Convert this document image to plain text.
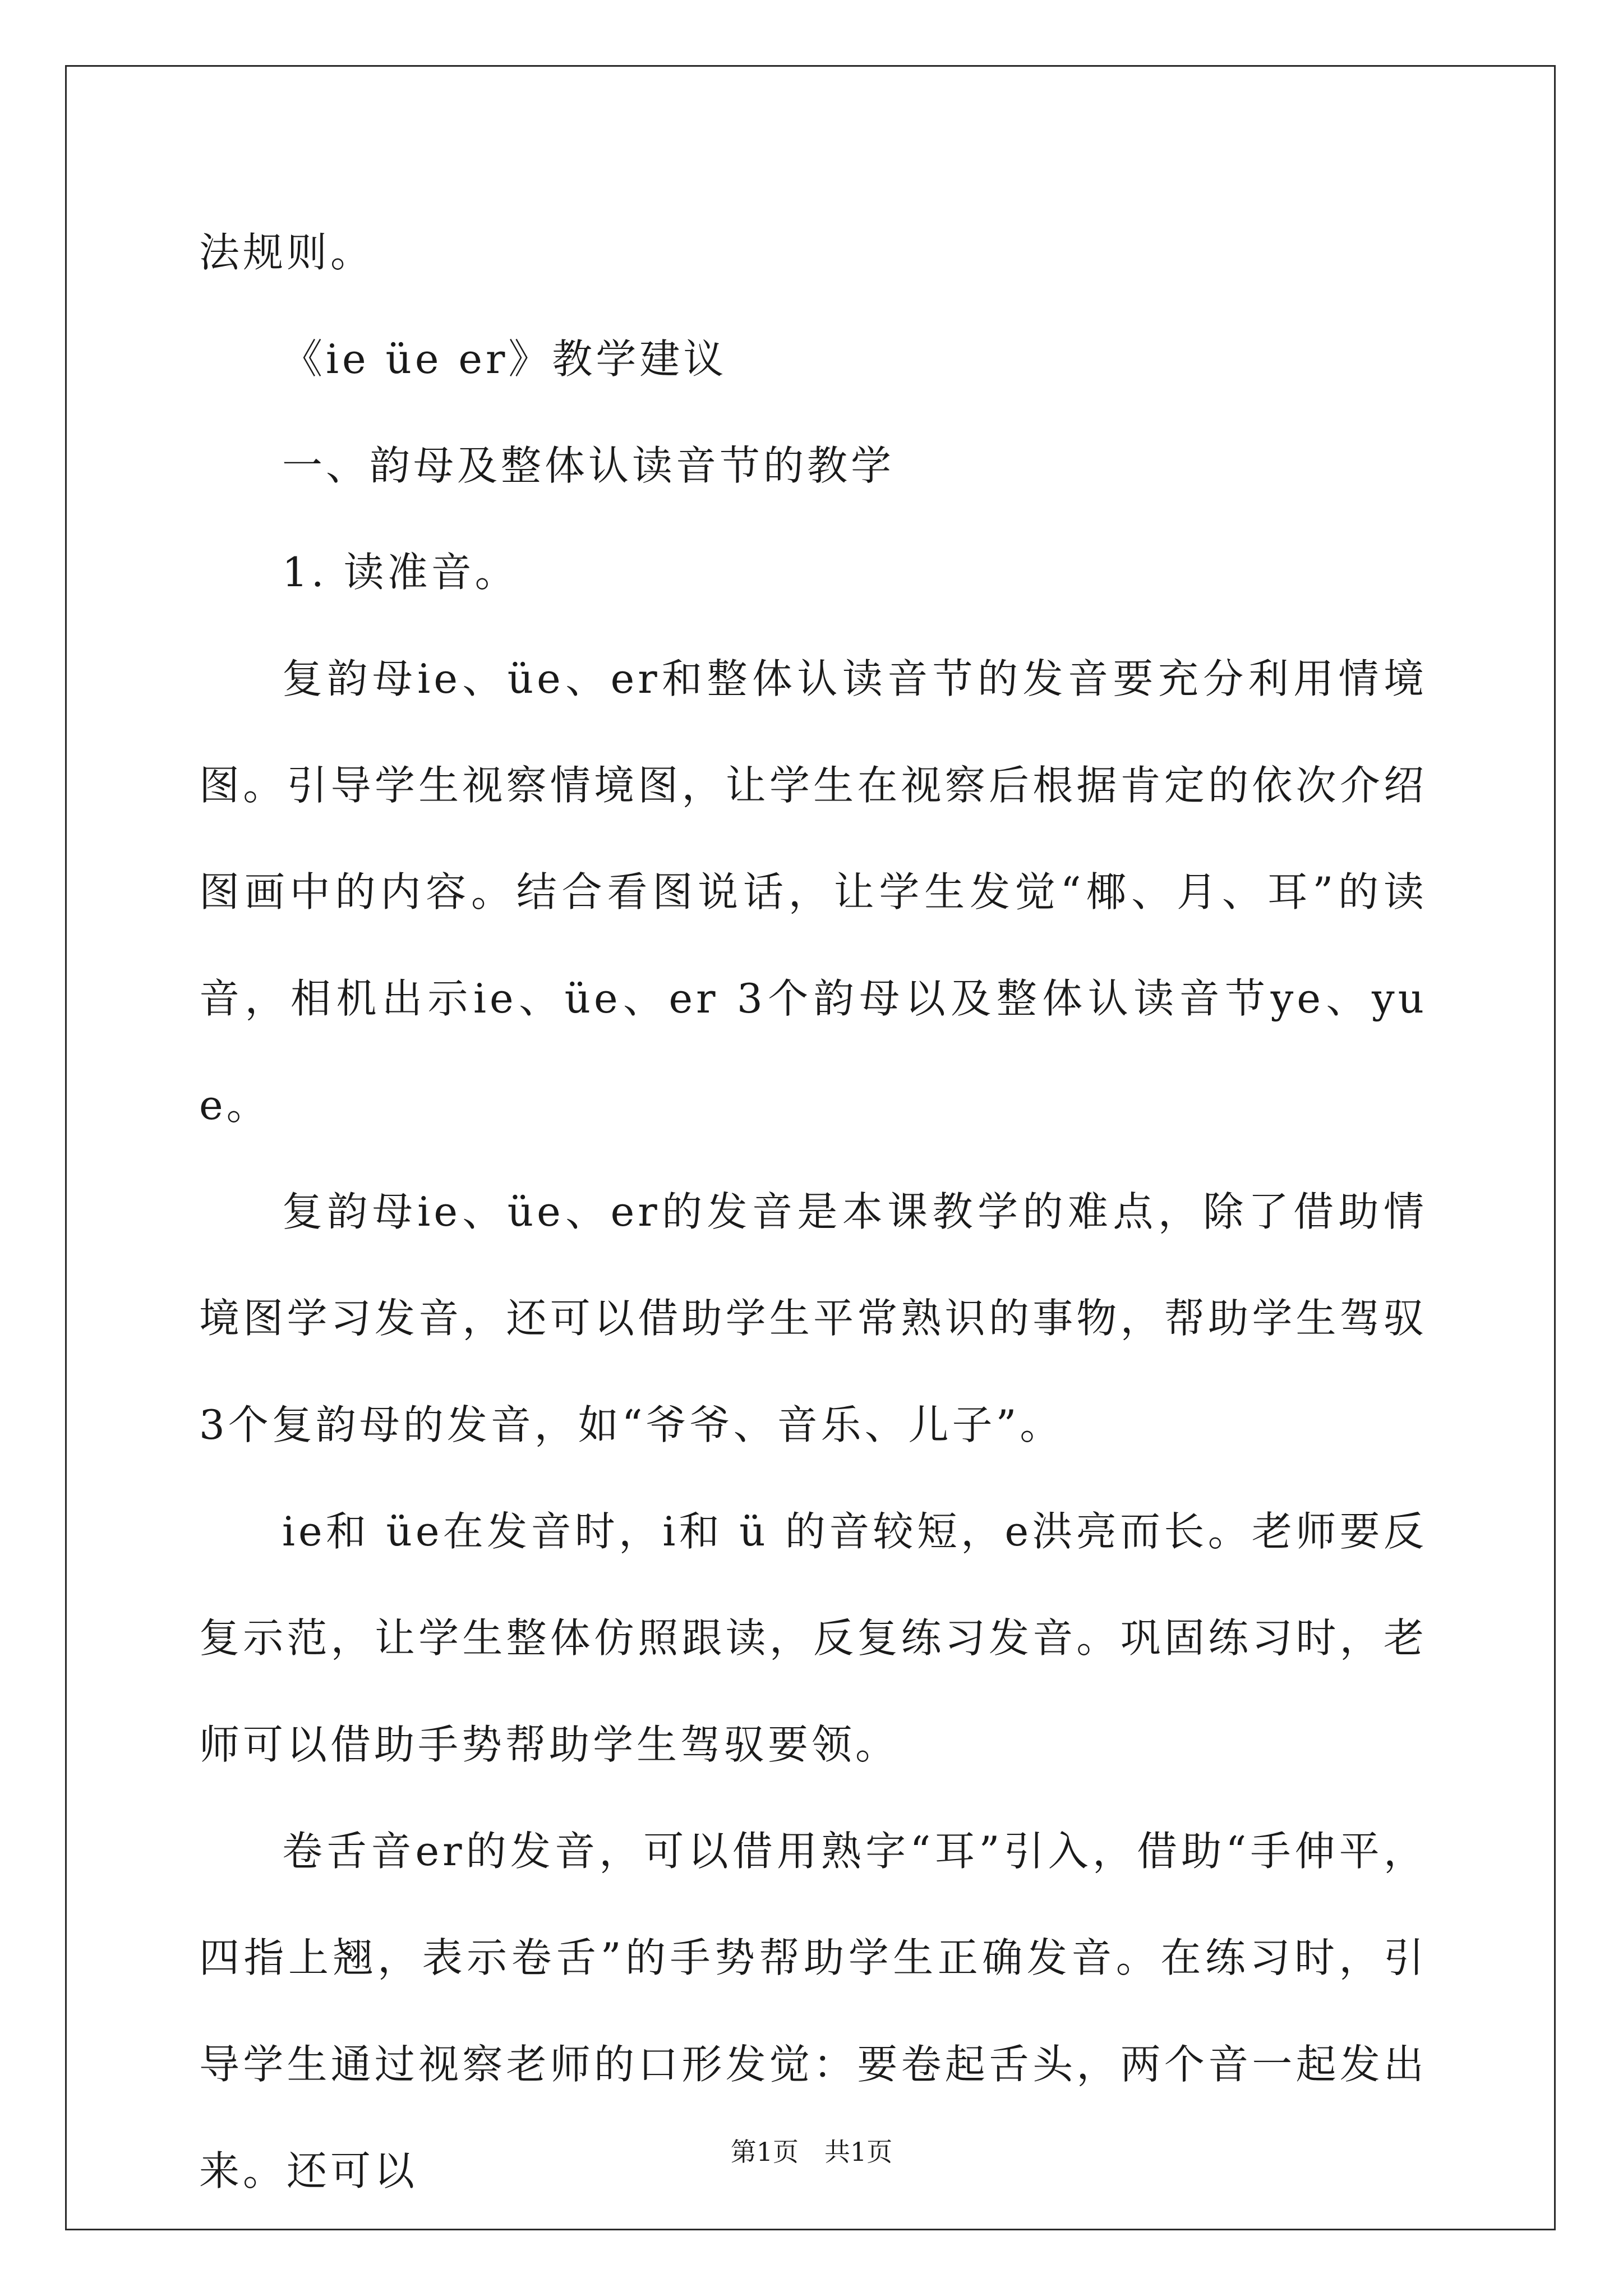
法规则。

《ie üe er》教学建议

一、韵母及整体认读音节的教学

1. 读准音。

复韵母ie、üe、er和整体认读音节的发音要充分利用情境图。引导学生视察情境图，让学生在视察后根据肯定的依次介绍图画中的内容。结合看图说话，让学生发觉“椰、月、耳”的读音，相机出示ie、üe、er 3个韵母以及整体认读音节ye、yue。

复韵母ie、üe、er的发音是本课教学的难点，除了借助情境图学习发音，还可以借助学生平常熟识的事物，帮助学生驾驭3个复韵母的发音，如“爷爷、音乐、儿子”。

ie和 üe在发音时，i和 ü 的音较短，e洪亮而长。老师要反复示范，让学生整体仿照跟读，反复练习发音。巩固练习时，老师可以借助手势帮助学生驾驭要领。

卷舌音er的发音，可以借用熟字“耳”引入，借助“手伸平，四指上翘，表示卷舌”的手势帮助学生正确发音。在练习时，引导学生通过视察老师的口形发觉：要卷起舌头，两个音一起发出来。还可以	第1页　共1页
